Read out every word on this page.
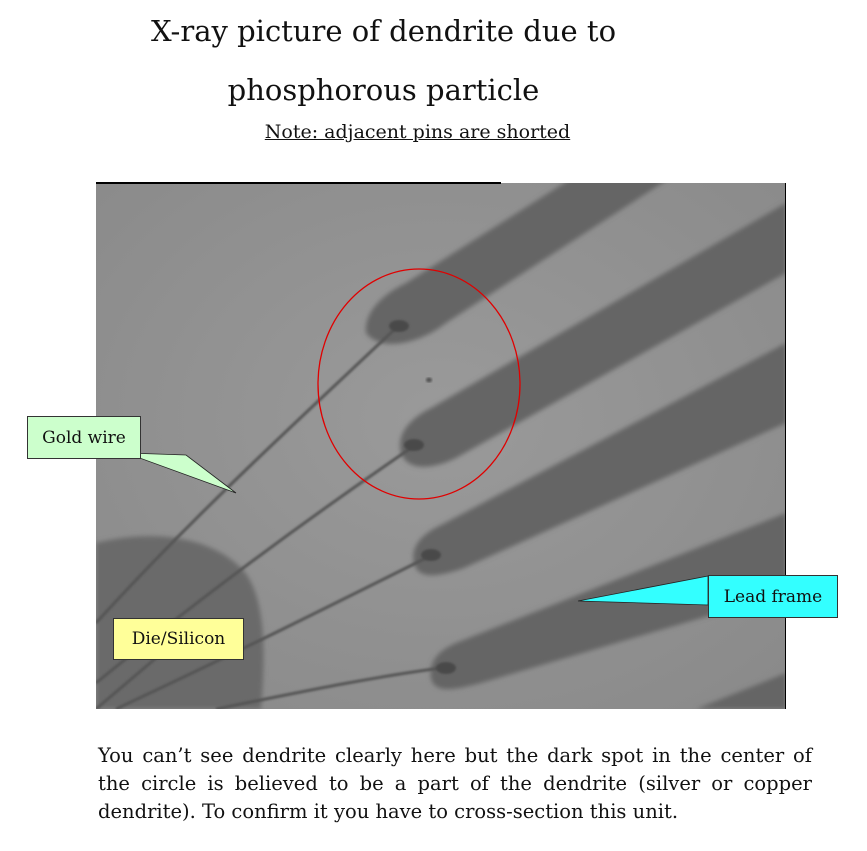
X-ray picture of dendrite due to
phosphorous particle
Note: adjacent pins are shorted
Gold wire
Die/Silicon
Lead frame

You can’t see dendrite clearly here but the dark spot in the center of the circle is believed to be a part of the dendrite (silver or copper dendrite). To confirm it you have to cross-section this unit.
